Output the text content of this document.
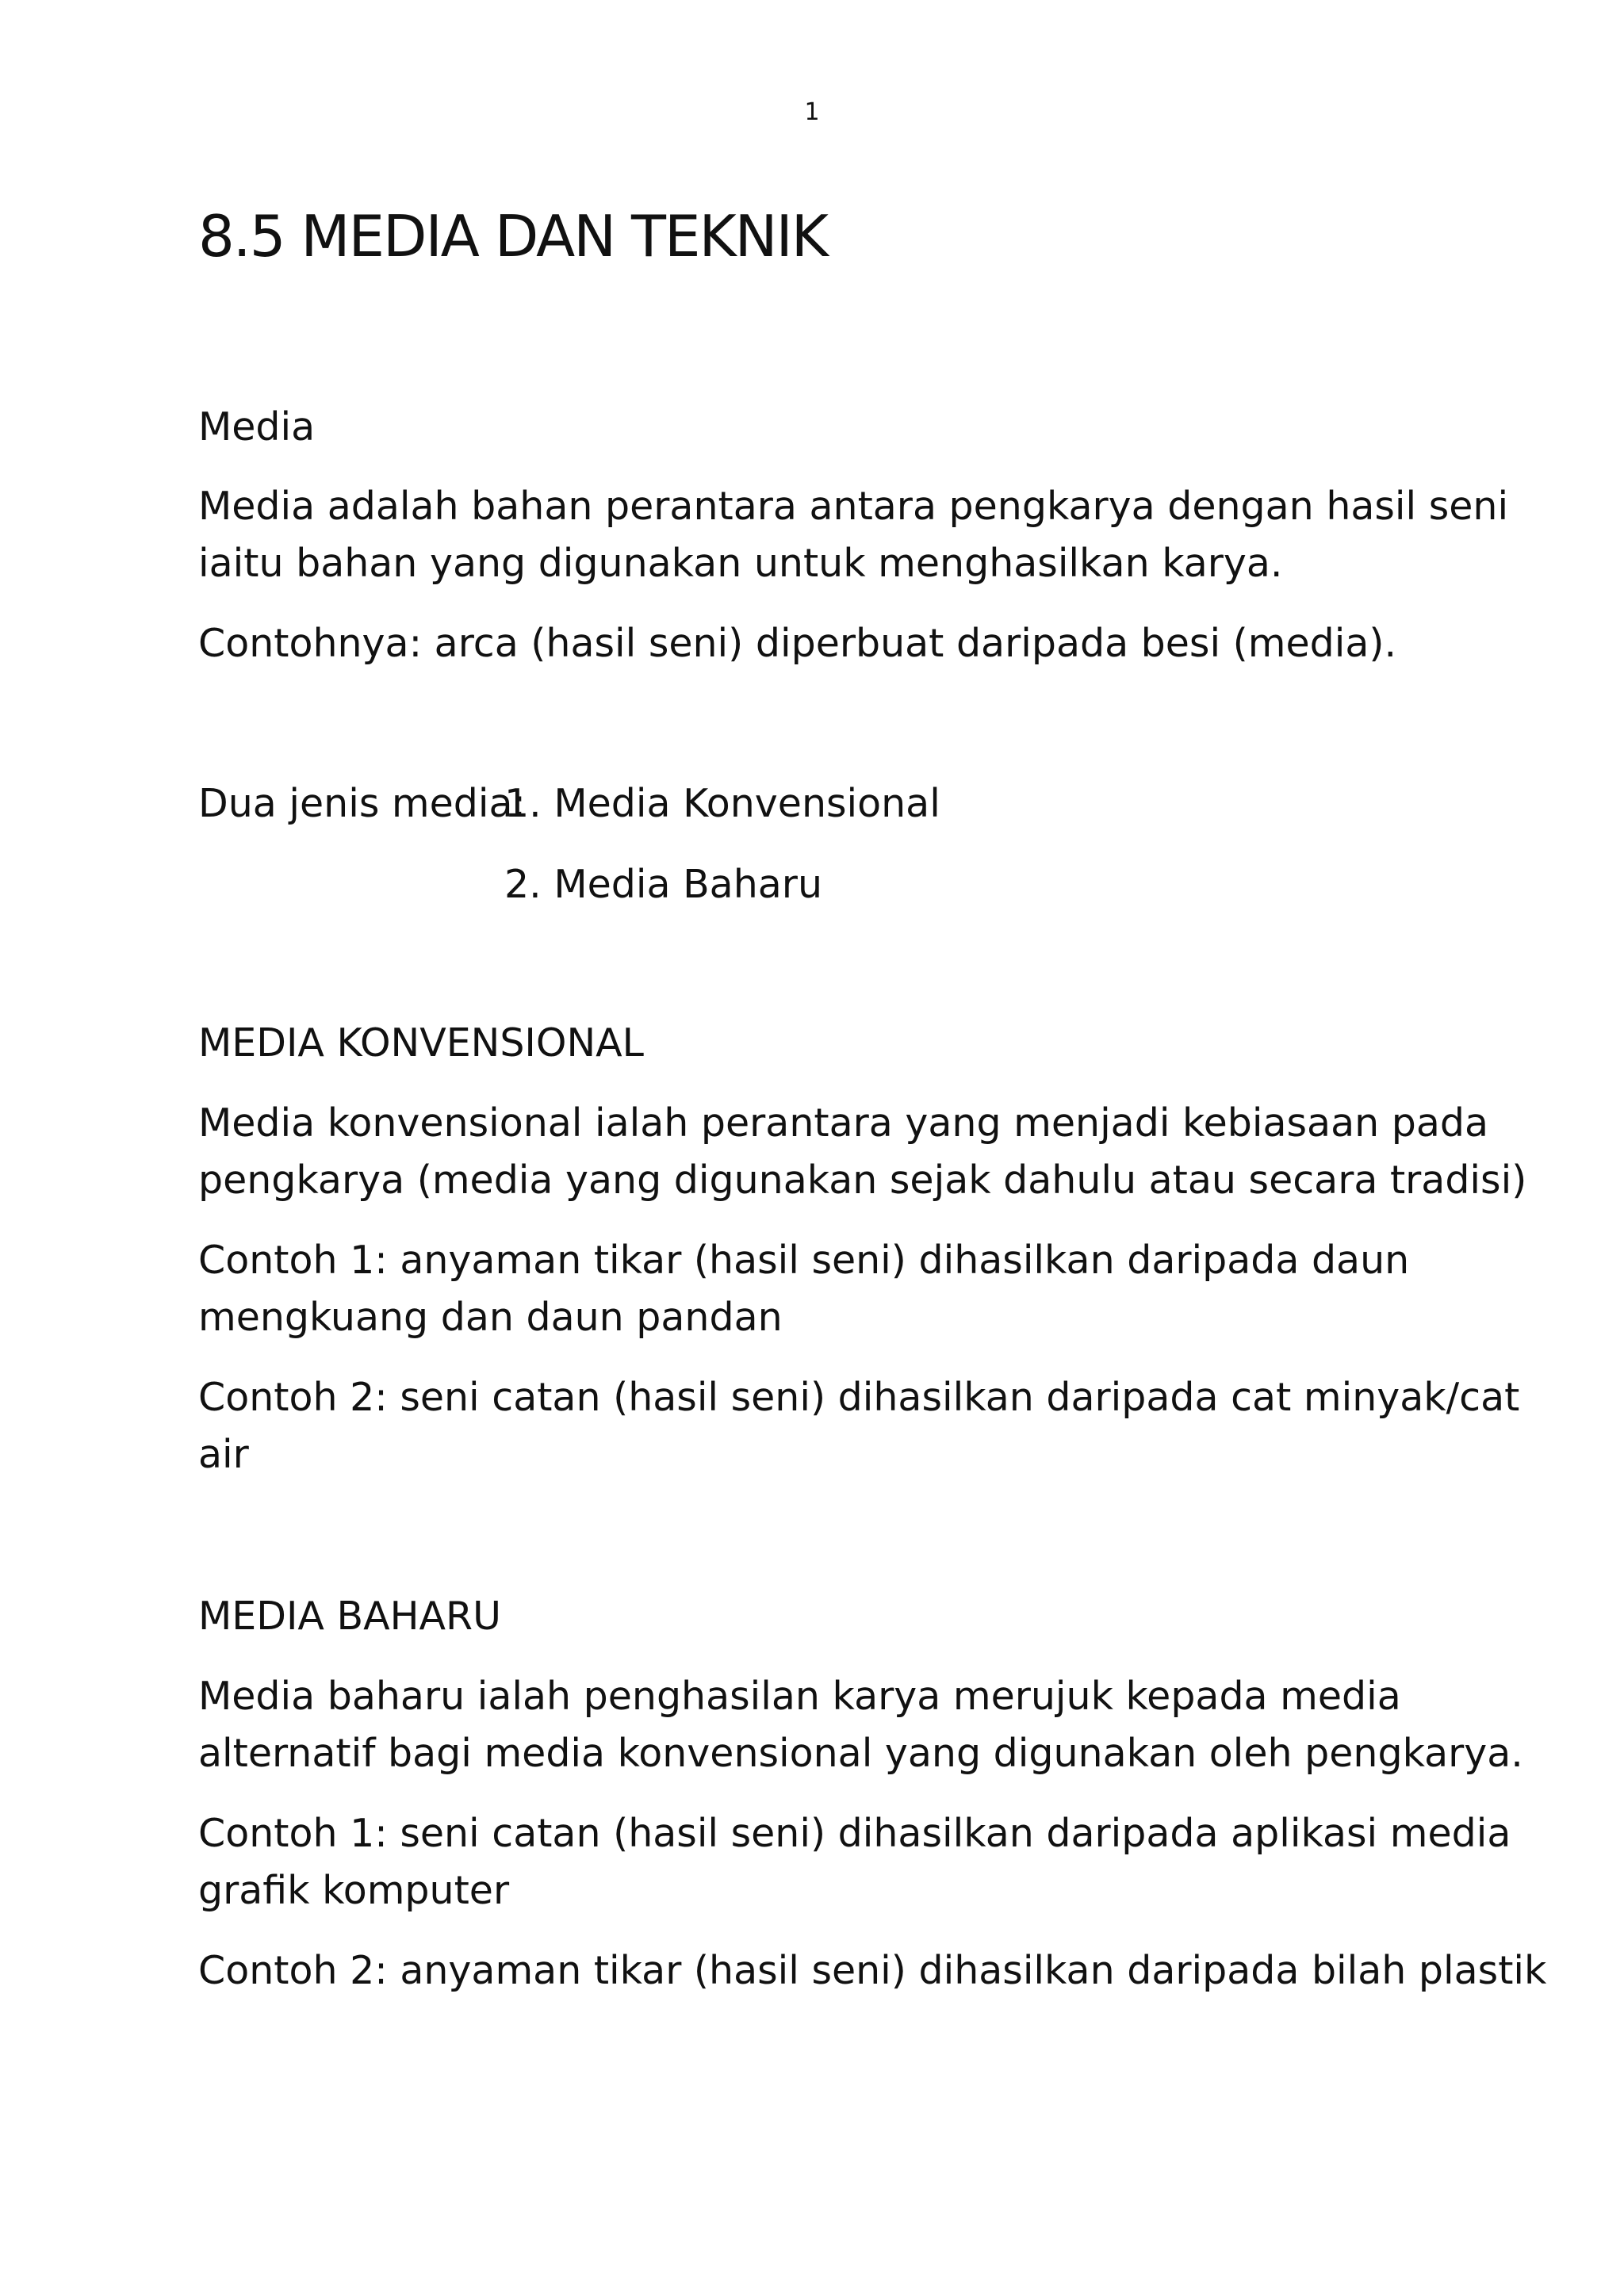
1
8.5 MEDIA DAN TEKNIK
Media
Media adalah bahan perantara antara pengkarya dengan hasil seni
iaitu bahan yang digunakan untuk menghasilkan karya.
Contohnya: arca (hasil seni) diperbuat daripada besi (media).
Dua jenis media:
1. Media Konvensional
2. Media Baharu
MEDIA KONVENSIONAL
Media konvensional ialah perantara yang menjadi kebiasaan pada
pengkarya (media yang digunakan sejak dahulu atau secara tradisi)
Contoh 1: anyaman tikar (hasil seni) dihasilkan daripada daun
mengkuang dan daun pandan
Contoh 2: seni catan (hasil seni) dihasilkan daripada cat minyak/cat
air
MEDIA BAHARU
Media baharu ialah penghasilan karya merujuk kepada media
alternatif bagi media konvensional yang digunakan oleh pengkarya.
Contoh 1: seni catan (hasil seni) dihasilkan daripada aplikasi media
grafik komputer
Contoh 2: anyaman tikar (hasil seni) dihasilkan daripada bilah plastik
